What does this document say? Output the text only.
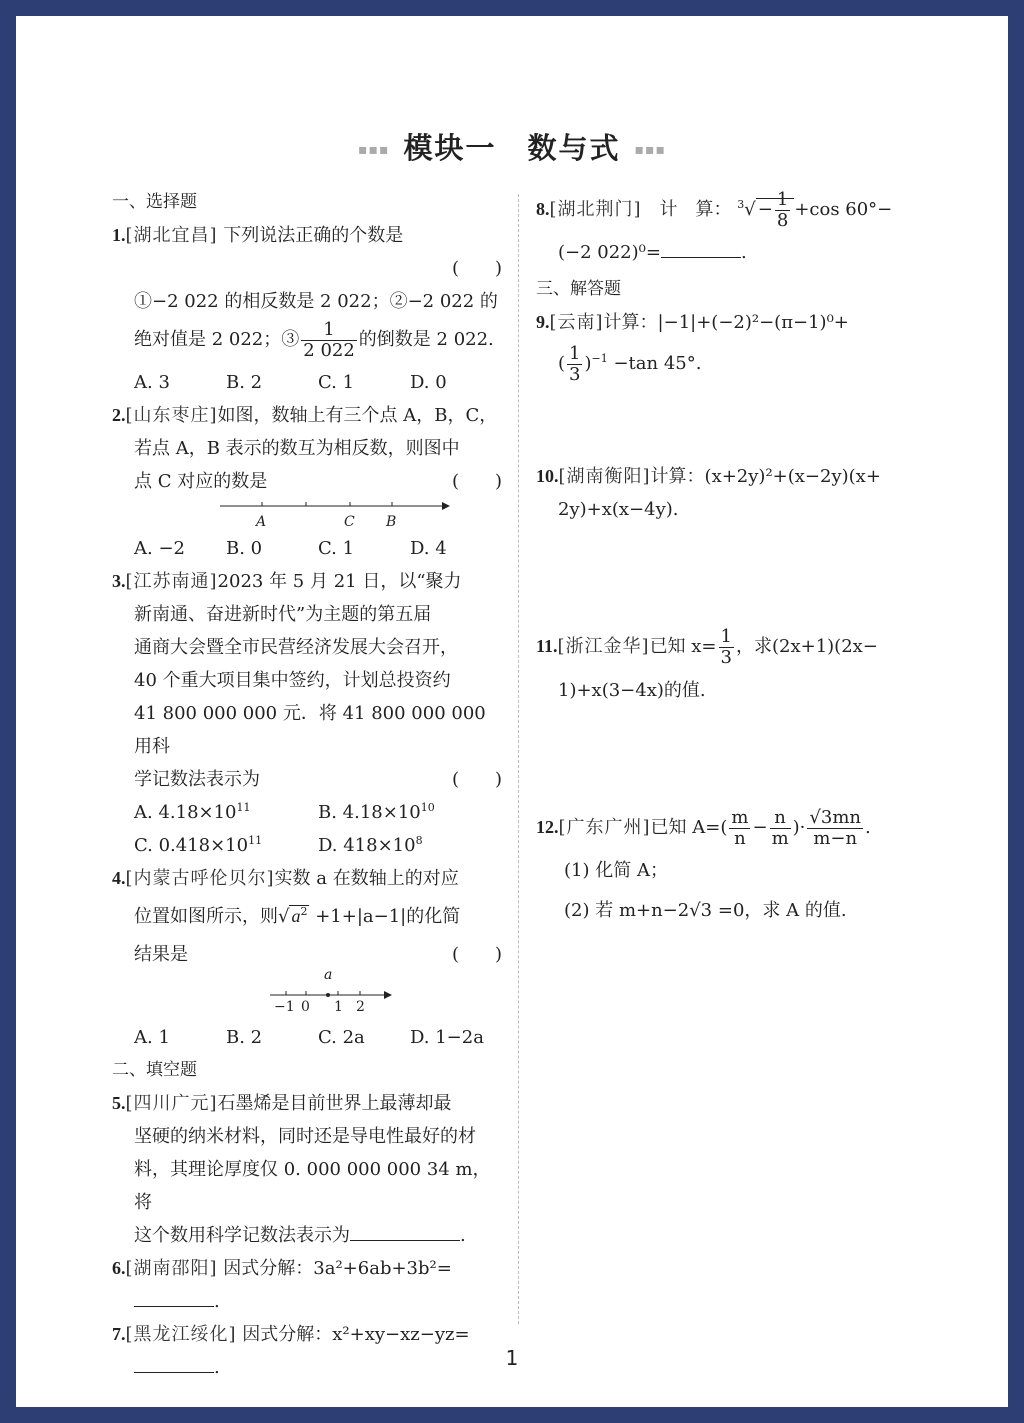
▪▪▪ 模块一　数与式 ▪▪▪
一、选择题
1.[湖北宜昌] 下列说法正确的个数是
(　　)
①−2 022 的相反数是 2 022；②−2 022 的
绝对值是 2 022；③ $\frac{1}{2 022}$ 的倒数是 2 022.
A. 3	B. 2	C. 1	D. 0
2.[山东枣庄]如图，数轴上有三个点 A，B，C，
若点 A，B 表示的数互为相反数，则图中
点 C 对应的数是	(　　)
A	C B
A. −2	B. 0	C. 1	D. 4
3.[江苏南通]2023 年 5 月 21 日，以“聚力
新南通、奋进新时代”为主题的第五届
通商大会暨全市民营经济发展大会召开，
40 个重大项目集中签约，计划总投资约
41 800 000 000 元．将 41 800 000 000 用科
学记数法表示为	(　　)
A. $4.18\times 10^{11}$	B. $4.18\times 10^{10}$
C. $0.418\times 10^{11}$	D. $418\times 10^8$
4.[内蒙古呼伦贝尔]实数 a 在数轴上的对应
位置如图所示，则√ $a^2 +1+|a-1|$的化简
结果是	(　　)
a
−1 0 1 2
A. 1	B. 2	C. 2a	D. 1−2a
二、填空题
5.[四川广元]石墨烯是目前世界上最薄却最
坚硬的纳米材料，同时还是导电性最好的材
料，其理论厚度仅 0. 000 000 000 34 m，将
这个数用科学记数法表示为	.
6.[湖南邵阳] 因式分解：3a²+6ab+3b²=
.
7.[黑龙江绥化] 因式分解：x²+xy−xz−yz=
.
8.[湖北荆门]　 计　算： $^3√ - \frac{1}{8} +\cos$ 60°−
(−2 022)⁰=	.
三、解答题
9.[云南]计算：|−1|+(−2)²−(π−1)⁰+
( $\frac{1}{3} )^{-1} -\tan$ 45°.
10.[湖南衡阳]计算：(x+2y)²+(x−2y)(x+
2y)+x(x−4y).
11.[浙江金华]已知 $x= \frac{1}{3}$ ，求(2x+1)(2x−
1)+x(3−4x)的值.
12.[广东广州]已知 $A=( \frac{m}{n} - \frac{n}{m}$ )· $\frac{√3mn}{m-n}$ .
(1) 化简 A；
(2) 若 m+n−2√3 =0，求 A 的值.
1
